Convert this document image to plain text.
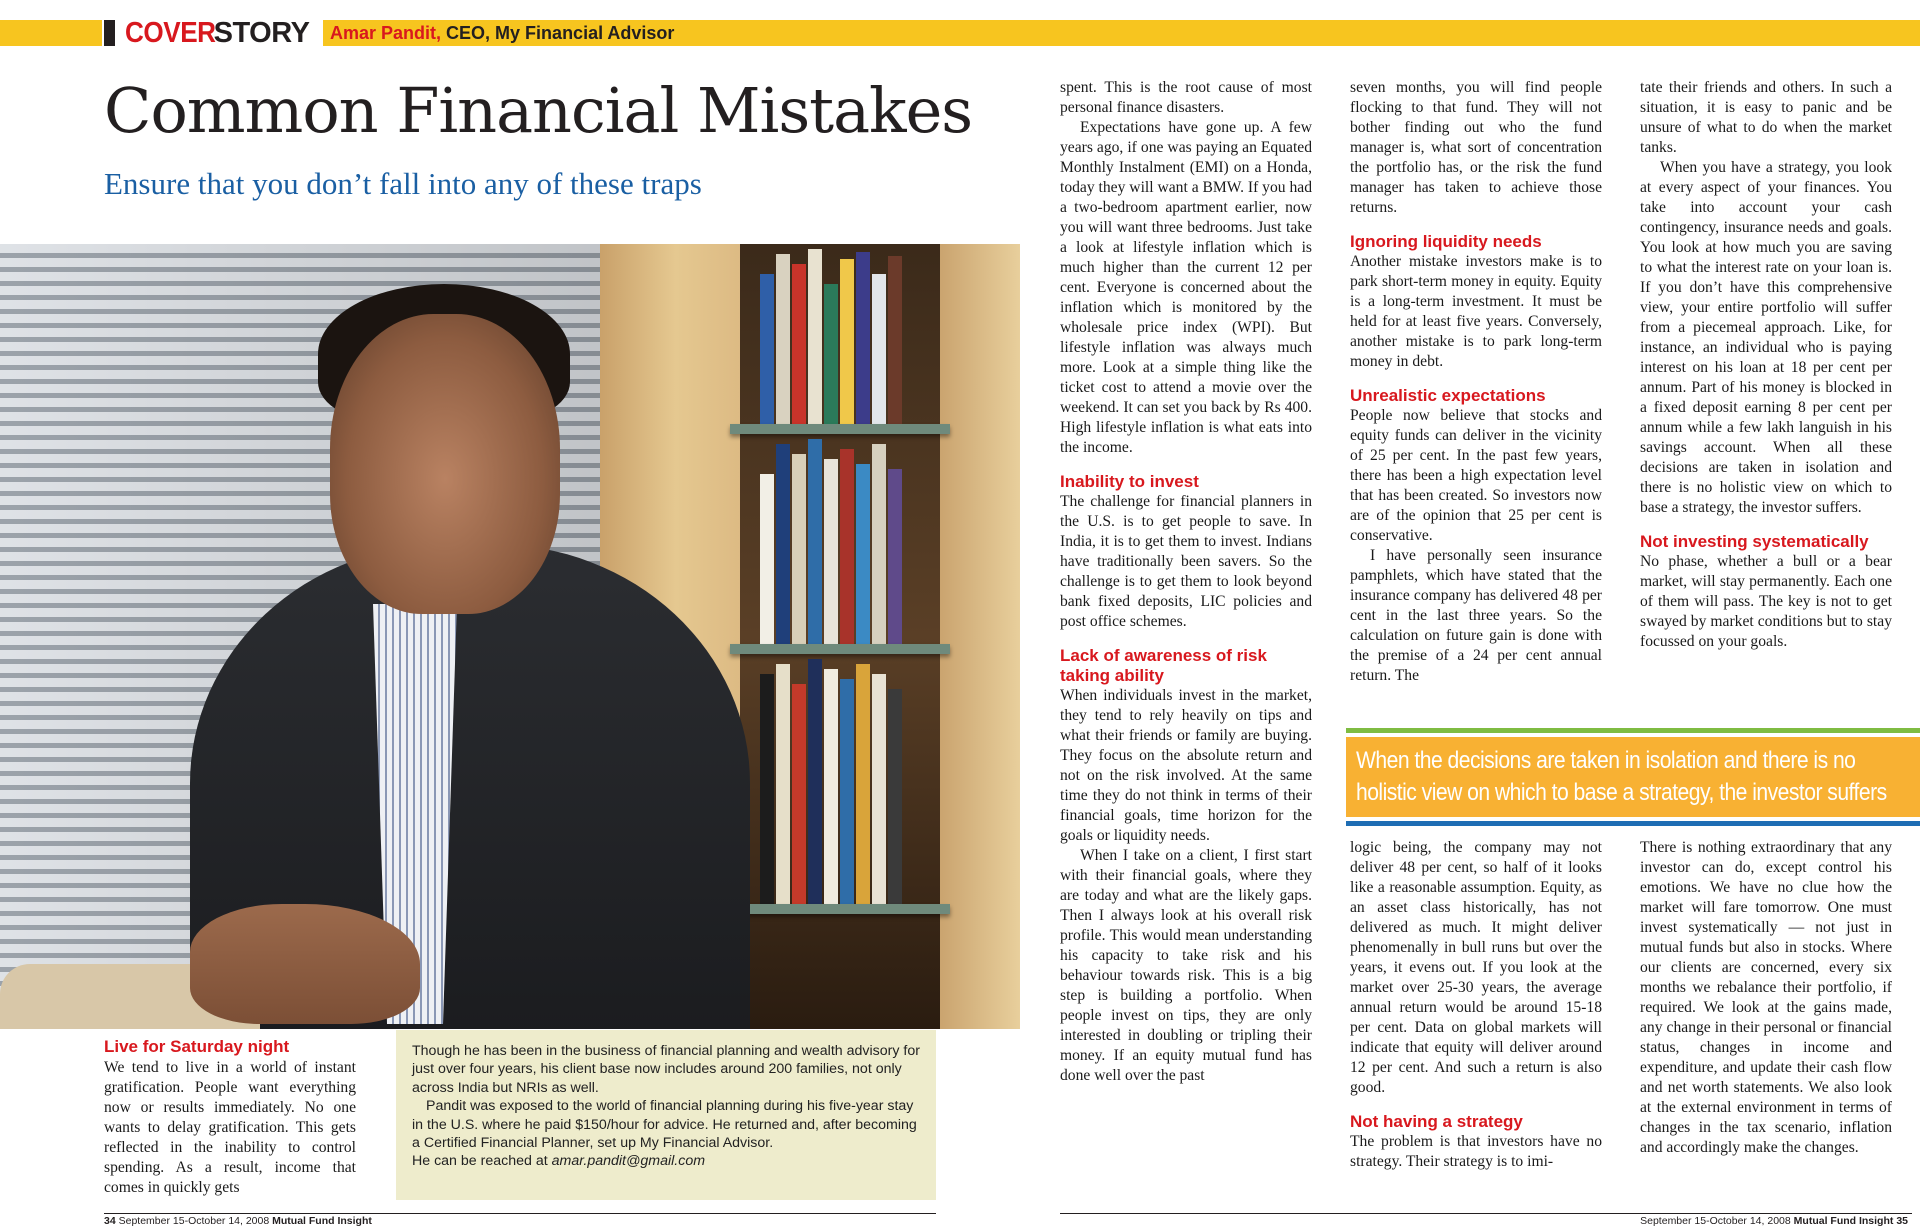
COVER
STORY Amar Pandit, CEO, My Financial Advisor
Common Financial Mistakes
Ensure that you don’t fall into any of these traps
Live for Saturday night

We tend to live in a world of instant gratification. People want everything now or results immediately. No one wants to delay gratification. This gets reflected in the inability to control spending. As a result, income that comes in quickly gets

Though he has been in the business of financial planning and wealth advisory for just over four years, his client base now includes around 200 families, not only across India but NRIs as well.

Pandit was exposed to the world of financial planning during his five-year stay in the U.S. where he paid $150/hour for advice. He returned and, after becoming a Certified Financial Planner, set up My Financial Advisor.

He can be reached at amar.pandit@gmail.com

34 September 15-October 14, 2008 Mutual Fund Insight

spent. This is the root cause of most personal finance disasters.

Expectations have gone up. A few years ago, if one was paying an Equated Monthly Instalment (EMI) on a Honda, today they will want a BMW. If you had a two-bedroom apartment earlier, now you will want three bedrooms. Just take a look at lifestyle inflation which is much higher than the current 12 per cent. Everyone is concerned about the inflation which is monitored by the wholesale price index (WPI). But lifestyle inflation was always much more. Look at a simple thing like the ticket cost to attend a movie over the weekend. It can set you back by Rs 400. High lifestyle inflation is what eats into the income.

Inability to invest

The challenge for financial planners in the U.S. is to get people to save. In India, it is to get them to invest. Indians have traditionally been savers. So the challenge is to get them to look beyond bank fixed deposits, LIC policies and post office schemes.

Lack of awareness of risk taking ability

When individuals invest in the market, they tend to rely heavily on tips and what their friends or family are buying. They focus on the absolute return and not on the risk involved. At the same time they do not think in terms of their financial goals, time horizon for the goals or liquidity needs.

When I take on a client, I first start with their financial goals, where they are today and what are the likely gaps. Then I always look at his overall risk profile. This would mean understanding his capacity to take risk and his behaviour towards risk. This is a big step is building a portfolio. When people invest on tips, they are only interested in doubling or tripling their money. If an equity mutual fund has done well over the past

seven months, you will find people flocking to that fund. They will not bother finding out who the fund manager is, what sort of concentration the portfolio has, or the risk the fund manager has taken to achieve those returns.

Ignoring liquidity needs

Another mistake investors make is to park short-term money in equity. Equity is a long-term investment. It must be held for at least five years. Conversely, another mistake is to park long-term money in debt.

Unrealistic expectations

People now believe that stocks and equity funds can deliver in the vicinity of 25 per cent. In the past few years, there has been a high expectation level that has been created. So investors now are of the opinion that 25 per cent is conservative.

I have personally seen insurance pamphlets, which have stated that the insurance company has delivered 48 per cent in the last three years. So the calculation on future gain is done with the premise of a 24 per cent annual return. The

tate their friends and others. In such a situation, it is easy to panic and be unsure of what to do when the market tanks.

When you have a strategy, you look at every aspect of your finances. You take into account your cash contingency, insurance needs and goals. You look at how much you are saving to what the interest rate on your loan is. If you don’t have this comprehensive view, your entire portfolio will suffer from a piecemeal approach. Like, for instance, an individual who is paying interest on his loan at 18 per cent per annum. Part of his money is blocked in a fixed deposit earning 8 per cent per annum while a few lakh languish in his savings account. When all these decisions are taken in isolation and there is no holistic view on which to base a strategy, the investor suffers.

Not investing systematically

No phase, whether a bull or a bear market, will stay permanently. Each one of them will pass. The key is not to get swayed by market conditions but to stay focussed on your goals.

When the decisions are taken in isolation and there is no holistic view on which to base a strategy, the investor suffers

logic being, the company may not deliver 48 per cent, so half of it looks like a reasonable assumption. Equity, as an asset class historically, has not delivered as much. It might deliver phenomenally in bull runs but over the years, it evens out. If you look at the market over 25-30 years, the average annual return would be around 15-18 per cent. Data on global markets will indicate that equity will deliver around 12 per cent. And such a return is also good.

Not having a strategy

The problem is that investors have no strategy. Their strategy is to imi-

There is nothing extraordinary that any investor can do, except control his emotions. We have no clue how the market will fare tomorrow. One must invest systematically — not just in mutual funds but also in stocks. Where our clients are concerned, every six months we rebalance their portfolio, if required. We look at the gains made, any change in their personal or financial status, changes in income and expenditure, and update their cash flow and net worth statements. We also look at the external environment in terms of changes in the tax scenario, inflation and accordingly make the changes.

September 15-October 14, 2008 Mutual Fund Insight 35
